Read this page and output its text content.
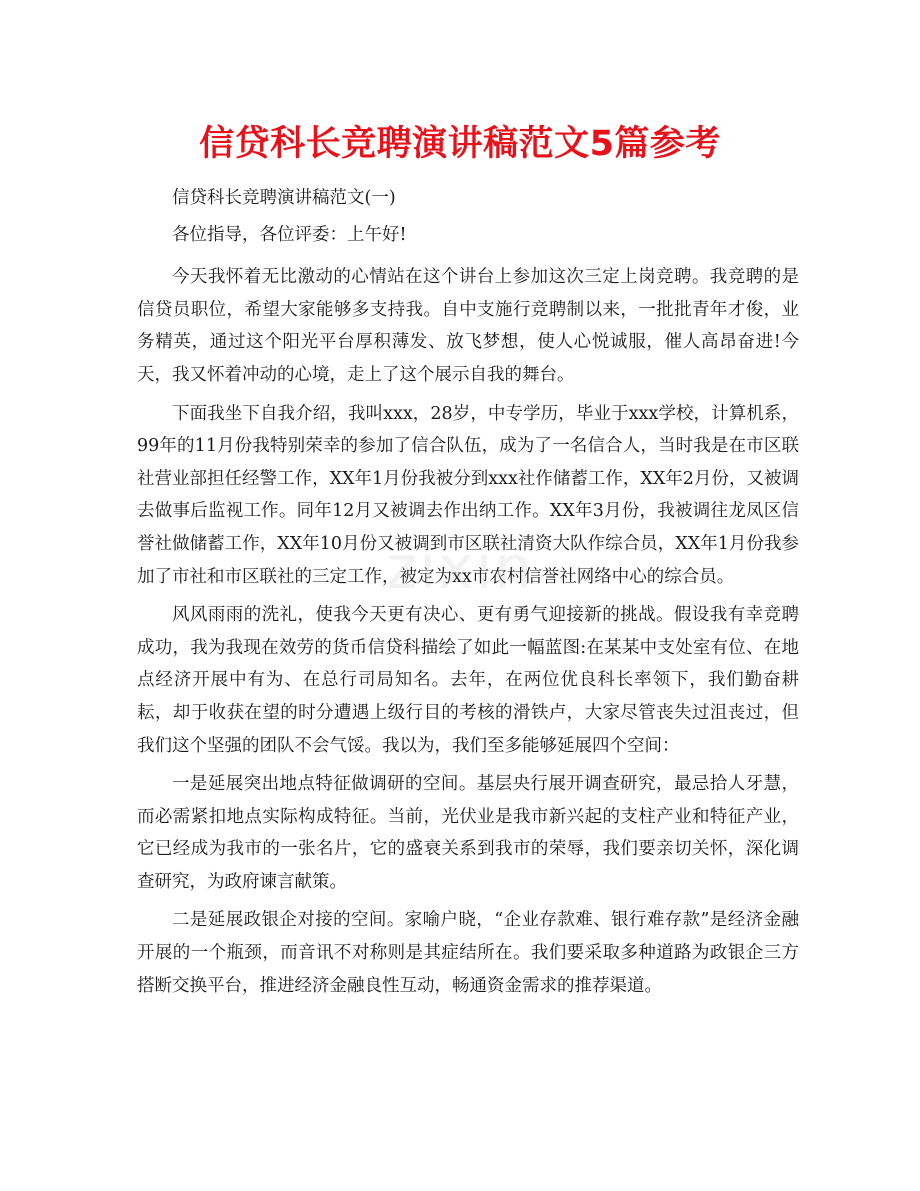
信贷科长竞聘演讲稿范文5篇参考

信贷科长竞聘演讲稿范文(一)

各位指导，各位评委：上午好!

今天我怀着无比激动的心情站在这个讲台上参加这次三定上岗竞聘。我竞聘的是信贷员职位，希望大家能够多支持我。自中支施行竞聘制以来，一批批青年才俊，业务精英，通过这个阳光平台厚积薄发、放飞梦想，使人心悦诚服，催人高昂奋进!今天，我又怀着冲动的心境，走上了这个展示自我的舞台。

下面我坐下自我介绍，我叫xxx，28岁，中专学历，毕业于xxx学校，计算机系，99年的11月份我特别荣幸的参加了信合队伍，成为了一名信合人，当时我是在市区联社营业部担任经警工作，XX年1月份我被分到xxx社作储蓄工作，XX年2月份，又被调去做事后监视工作。同年12月又被调去作出纳工作。XX年3月份，我被调往龙凤区信誉社做储蓄工作，XX年10月份又被调到市区联社清资大队作综合员，XX年1月份我参加了市社和市区联社的三定工作，被定为xx市农村信誉社网络中心的综合员。

风风雨雨的洗礼，使我今天更有决心、更有勇气迎接新的挑战。假设我有幸竞聘成功，我为我现在效劳的货币信贷科描绘了如此一幅蓝图:在某某中支处室有位、在地点经济开展中有为、在总行司局知名。去年，在两位优良科长率领下，我们勤奋耕耘，却于收获在望的时分遭遇上级行目的考核的滑铁卢，大家尽管丧失过沮丧过，但我们这个坚强的团队不会气馁。我以为，我们至多能够延展四个空间：

一是延展突出地点特征做调研的空间。基层央行展开调查研究，最忌拾人牙慧，而必需紧扣地点实际构成特征。当前，光伏业是我市新兴起的支柱产业和特征产业，它已经成为我市的一张名片，它的盛衰关系到我市的荣辱，我们要亲切关怀，深化调查研究，为政府谏言献策。

二是延展政银企对接的空间。家喻户晓，“企业存款难、银行难存款”是经济金融开展的一个瓶颈，而音讯不对称则是其症结所在。我们要采取多种道路为政银企三方搭断交换平台，推进经济金融良性互动，畅通资金需求的推荐渠道。

zixin
